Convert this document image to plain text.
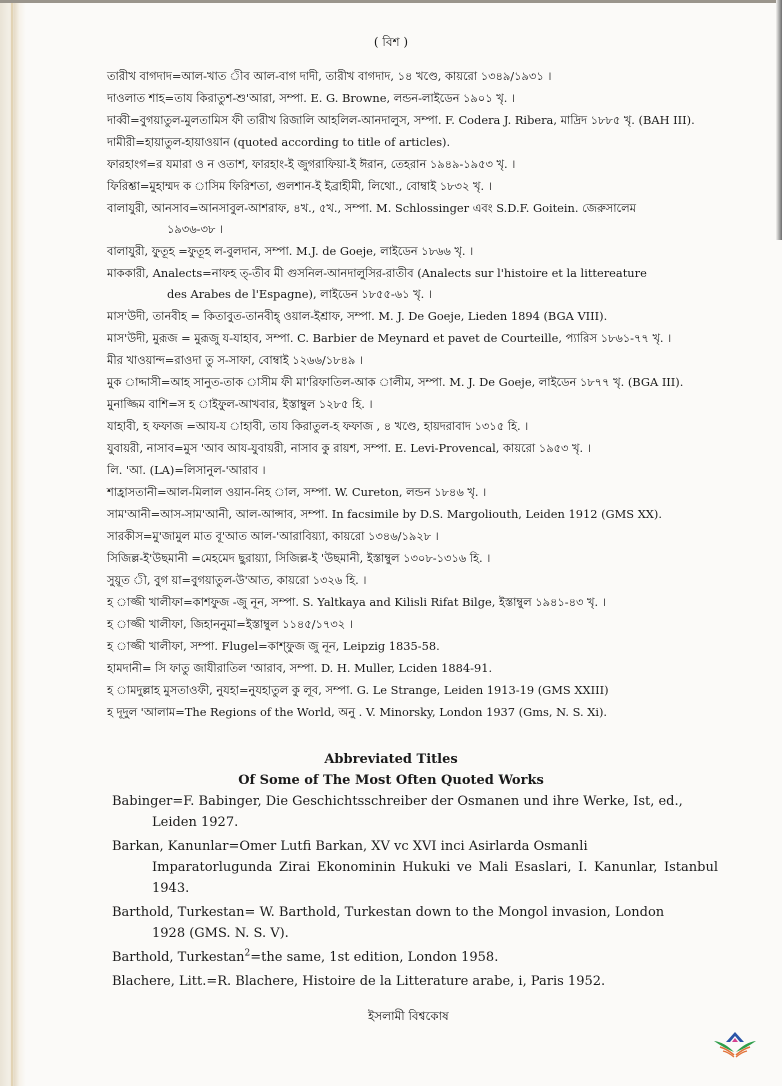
( বিশ )
তারীখ বাগদাদ=আল-খাত ীব আল-বাগ দাদী, তারীখ বাগদাদ, ১৪ খণ্ডে, কায়রো ১৩৪৯/১৯৩১ ।
দাওলাত শাহ=তায কিরাতুশ-শু'আরা, সম্পা. E. G. Browne, লন্ডন-লাইডেন ১৯০১ খৃ. ।
দাব্বী=বুগয়াতুল-মুলতামিস ফী তারীখ রিজালি আহলিল-আনদালুস, সম্পা. F. Codera J. Ribera, মাদ্রিদ ১৮৮৫ খৃ. (BAH III).
দামীরী=হায়াতুল-হায়াওয়ান (quoted according to title of articles).
ফারহাংগ=র যমারা ও ন ওতাশ, ফারহাং-ই জুগরাফিয়া-ই ঈরান, তেহরান ১৯৪৯-১৯৫৩ খৃ. ।
ফিরিশ্তা=মুহাম্মদ ক াসিম ফিরিশতা, গুলশান-ই ইব্রাহীমী, লিথো., বোম্বাই ১৮৩২ খৃ. ।
বালাযুরী, আনসাব=আনসাবুল-আশরাফ, ৪খ., ৫খ., সম্পা. M. Schlossinger এবং S.D.F. Goitein. জেরুসালেম
১৯৩৬-৩৮ ।
বালাযুরী, ফুতূহ =ফুতূহ ল-বুলদান, সম্পা. M.J. de Goeje, লাইডেন ১৮৬৬ খৃ. ।
মাককারী, Analects=নাফহ ত্-তীব মী গুসনিল-আনদালুসির-রাতীব (Analects sur l'histoire et la littereature
des Arabes de l'Espagne), লাইডেন ১৮৫৫-৬১ খৃ. ।
মাস'উদী, তানবীহ = কিতাবুত-তানবীহ্ ওয়াল-ইশ্রাফ, সম্পা. M. J. De Goeje, Lieden 1894 (BGA VIII).
মাস'উদী, মুরূজ = মুরূজু য-যাহাব, সম্পা. C. Barbier de Meynard et pavet de Courteille, প্যারিস ১৮৬১-৭৭ খৃ. ।
মীর খাওয়ান্দ=রাওদা তু স-সাফা, বোম্বাই ১২৬৬/১৮৪৯ ।
মুক াদ্দাসী=আহ সানুত-তাক াসীম ফী মা'রিফাতিল-আক ালীম, সম্পা. M. J. De Goeje, লাইডেন ১৮৭৭ খৃ. (BGA III).
মুনাজ্জিম বাশি=স হ াইফুল-আখবার, ইস্তাম্বুল ১২৮৫ হি. ।
যাহাবী, হ ফফাজ =আয-য াহাবী, তায কিরাতুল-হ ফফাজ , ৪ খণ্ডে, হায়দরাবাদ ১৩১৫ হি. ।
যুবায়রী, নাসাব=মুস 'আব আয-যুবায়রী, নাসাব কু রায়শ, সম্পা. E. Levi-Provencal, কায়রো ১৯৫৩ খৃ. ।
লি. 'আ. (LA)=লিসানুল-'আরাব ।
শাহ্রাসতানী=আল-মিলাল ওয়ান-নিহ াল, সম্পা. W. Cureton, লন্ডন ১৮৪৬ খৃ. ।
সাম'আনী=আস-সাম'আনী, আল-আন্সাব, সম্পা. In facsimile by D.S. Margoliouth, Leiden 1912 (GMS XX).
সারকীস=মু'জামুল মাত বূ'আত আল-'আরাবিয়্যা, কায়রো ১৩৪৬/১৯২৮ ।
সিজিল্ল-ই'উছমানী =মেহমেদ ছুরায়্যা, সিজিল্ল-ই 'উছমানী, ইস্তাম্বুল ১৩০৮-১৩১৬ হি. ।
সুয়ূত ী, বুগ য়া=বুগয়াতুল-উ'আত, কায়রো ১৩২৬ হি. ।
হ াজ্জী খালীফা=কাশফুজ -জু নূন, সম্পা. S. Yaltkaya and Kilisli Rifat Bilge, ইস্তাম্বুল ১৯৪১-৪৩ খৃ. ।
হ াজ্জী খালীফা, জিহাননুমা=ইস্তাম্বুল ১১৪৫/১৭৩২ ।
হ াজ্জী খালীফা, সম্পা. Flugel=কাশ্ফুজ জু নূন, Leipzig 1835-58.
হামদানী= সি ফাতু জাযীরাতিল 'আরাব, সম্পা. D. H. Muller, Lciden 1884-91.
হ ামদুল্লাহ মুসতাওফী, নুযহা=নুযহাতুল কু লূব, সম্পা. G. Le Strange, Leiden 1913-19 (GMS XXIII)
হ দূদুল 'আলাম=The Regions of the World, অনু . V. Minorsky, London 1937 (Gms, N. S. Xi).
Abbreviated Titles
Of Some of The Most Often Quoted Works
Babinger=F. Babinger, Die Geschichtsschreiber der Osmanen und ihre Werke, Ist, ed.,
Leiden 1927.
Barkan, Kanunlar=Omer Lutfi Barkan, XV vc XVI inci Asirlarda Osmanli
Imparatorlugunda Zirai Ekonominin Hukuki ve Mali Esaslari, I. Kanunlar, Istanbul 1943.
Barthold, Turkestan= W. Barthold, Turkestan down to the Mongol invasion, London
1928 (GMS. N. S. V).
Barthold, Turkestan$^2$=the same, 1st edition, London 1958.
Blachere, Litt.=R. Blachere, Histoire de la Litterature arabe, i, Paris 1952.
ইসলামী বিশ্বকোষ
